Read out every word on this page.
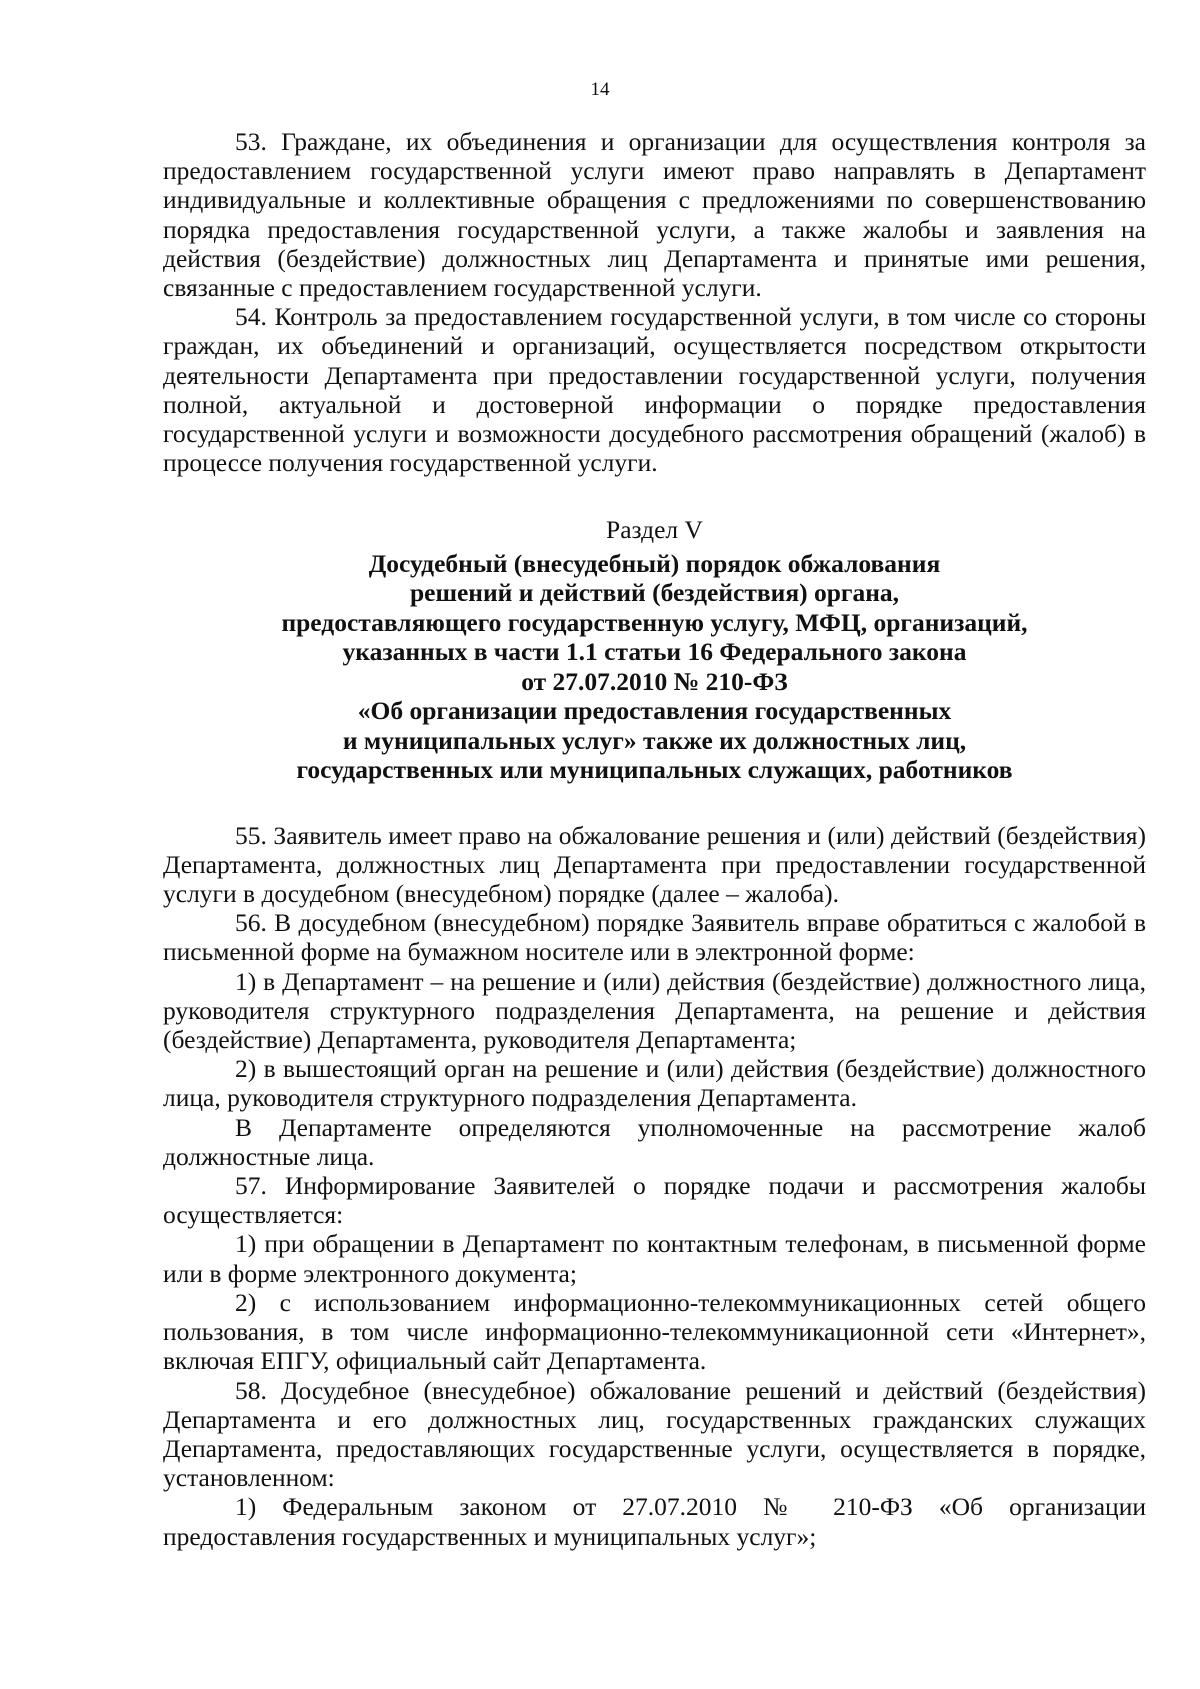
14

53. Граждане, их объединения и организации для осуществления контроля за предоставлением государственной услуги имеют право направлять в Департамент индивидуальные и коллективные обращения с предложениями по совершенствованию порядка предоставления государственной услуги, а также жалобы и заявления на действия (бездействие) должностных лиц Департамента и принятые ими решения, связанные с предоставлением государственной услуги.

54. Контроль за предоставлением государственной услуги, в том числе со стороны граждан, их объединений и организаций, осуществляется посредством открытости деятельности Департамента при предоставлении государственной услуги, получения полной, актуальной и достоверной информации о порядке предоставления государственной услуги и возможности досудебного рассмотрения обращений (жалоб) в процессе получения государственной услуги.

Раздел V

Досудебный (внесудебный) порядок обжалования
решений и действий (бездействия) органа,
предоставляющего государственную услугу, МФЦ, организаций,
указанных в части 1.1 статьи 16 Федерального закона
от 27.07.2010 № 210-ФЗ
«Об организации предоставления государственных
и муниципальных услуг» также их должностных лиц,
государственных или муниципальных служащих, работников

55. Заявитель имеет право на обжалование решения и (или) действий (бездействия) Департамента, должностных лиц Департамента при предоставлении государственной услуги в досудебном (внесудебном) порядке (далее – жалоба).

56. В досудебном (внесудебном) порядке Заявитель вправе обратиться с жалобой в письменной форме на бумажном носителе или в электронной форме:

1) в Департамент – на решение и (или) действия (бездействие) должностного лица, руководителя структурного подразделения Департамента, на решение и действия (бездействие) Департамента, руководителя Департамента;

2) в вышестоящий орган на решение и (или) действия (бездействие) должностного лица, руководителя структурного подразделения Департамента.

В Департаменте определяются уполномоченные на рассмотрение жалоб должностные лица.

57. Информирование Заявителей о порядке подачи и рассмотрения жалобы осуществляется:

1) при обращении в Департамент по контактным телефонам, в письменной форме или в форме электронного документа;

2) с использованием информационно-телекоммуникационных сетей общего пользования, в том числе информационно-телекоммуникационной сети «Интернет», включая ЕПГУ, официальный сайт Департамента.

58. Досудебное (внесудебное) обжалование решений и действий (бездействия) Департамента и его должностных лиц, государственных гражданских служащих Департамента, предоставляющих государственные услуги, осуществляется в порядке, установленном:

1) Федеральным законом от 27.07.2010 № 210-ФЗ «Об организации предоставления государственных и муниципальных услуг»;
